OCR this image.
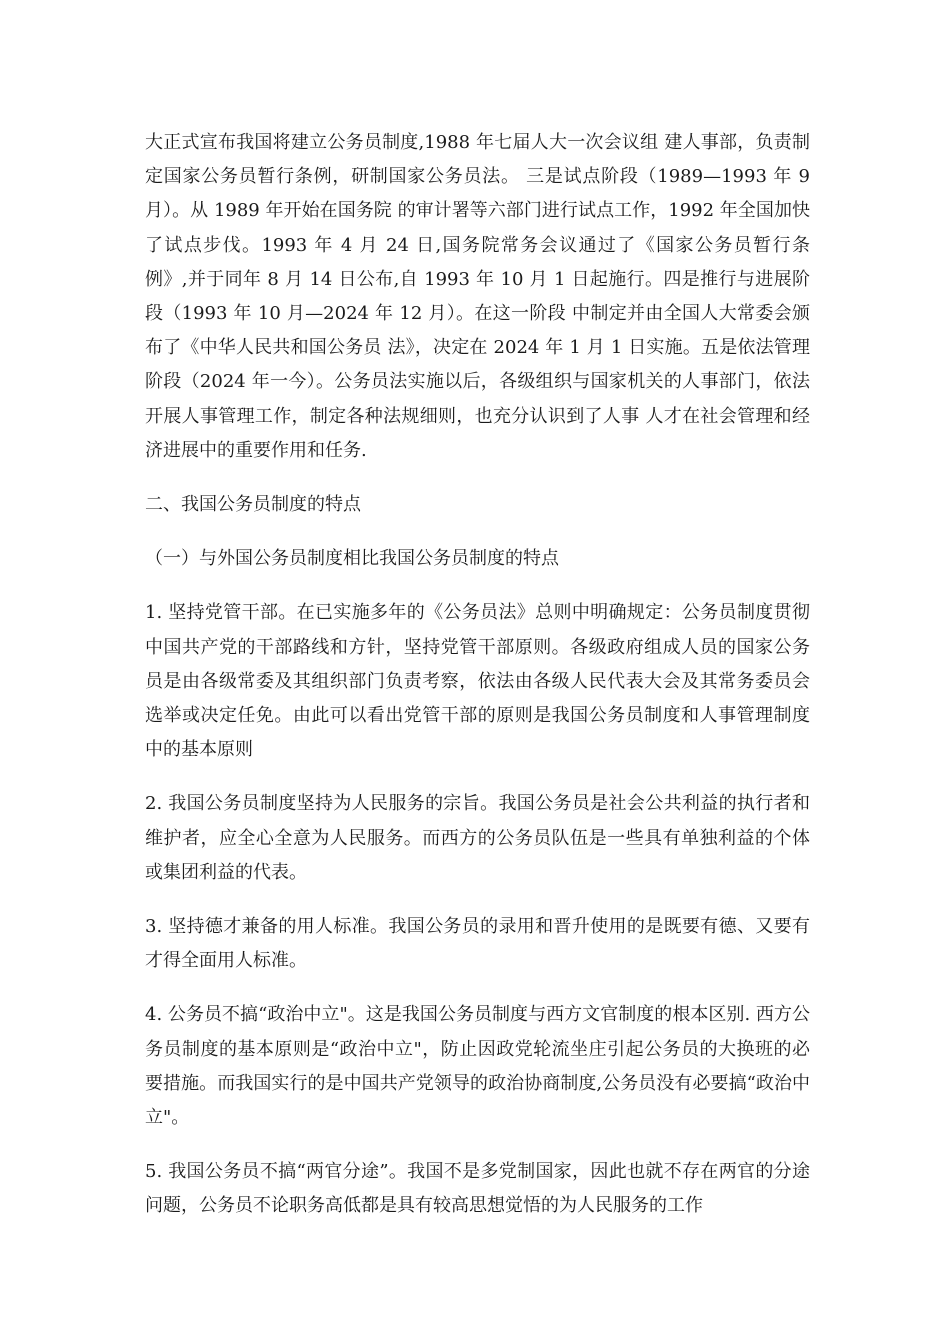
大正式宣布我国将建立公务员制度,1988 年七届人大一次会议组 建人事部，负责制定国家公务员暂行条例，研制国家公务员法。 三是试点阶段（1989—1993 年 9 月）。从 1989 年开始在国务院 的审计署等六部门进行试点工作，1992 年全国加快了试点步伐。1993 年 4 月 24 日,国务院常务会议通过了《国家公务员暂行条 例》,并于同年 8 月 14 日公布,自 1993 年 10 月 1 日起施行。四是推行与进展阶段（1993 年 10 月—2024 年 12 月）。在这一阶段 中制定并由全国人大常委会颁布了《中华人民共和国公务员 法》，决定在 2024 年 1 月 1 日实施。五是依法管理阶段（2024 年一今）。公务员法实施以后，各级组织与国家机关的人事部门，依法开展人事管理工作，制定各种法规细则，也充分认识到了人事 人才在社会管理和经济进展中的重要作用和任务.

二、我国公务员制度的特点

（一）与外国公务员制度相比我国公务员制度的特点

1. 坚持党管干部。在已实施多年的《公务员法》总则中明确规定：公务员制度贯彻中国共产党的干部路线和方针，坚持党管干部原则。各级政府组成人员的国家公务员是由各级常委及其组织部门负责考察，依法由各级人民代表大会及其常务委员会选举或决定任免。由此可以看出党管干部的原则是我国公务员制度和人事管理制度中的基本原则

2. 我国公务员制度坚持为人民服务的宗旨。我国公务员是社会公共利益的执行者和维护者，应全心全意为人民服务。而西方的公务员队伍是一些具有单独利益的个体或集团利益的代表。

3. 坚持德才兼备的用人标准。我国公务员的录用和晋升使用的是既要有德、又要有才得全面用人标准。

4. 公务员不搞“政治中立"。这是我国公务员制度与西方文官制度的根本区别. 西方公务员制度的基本原则是“政治中立"，防止因政党轮流坐庄引起公务员的大换班的必要措施。而我国实行的是中国共产党领导的政治协商制度,公务员没有必要搞“政治中立"。

5. 我国公务员不搞“两官分途”。我国不是多党制国家，因此也就不存在两官的分途问题，公务员不论职务高低都是具有较高思想觉悟的为人民服务的工作
